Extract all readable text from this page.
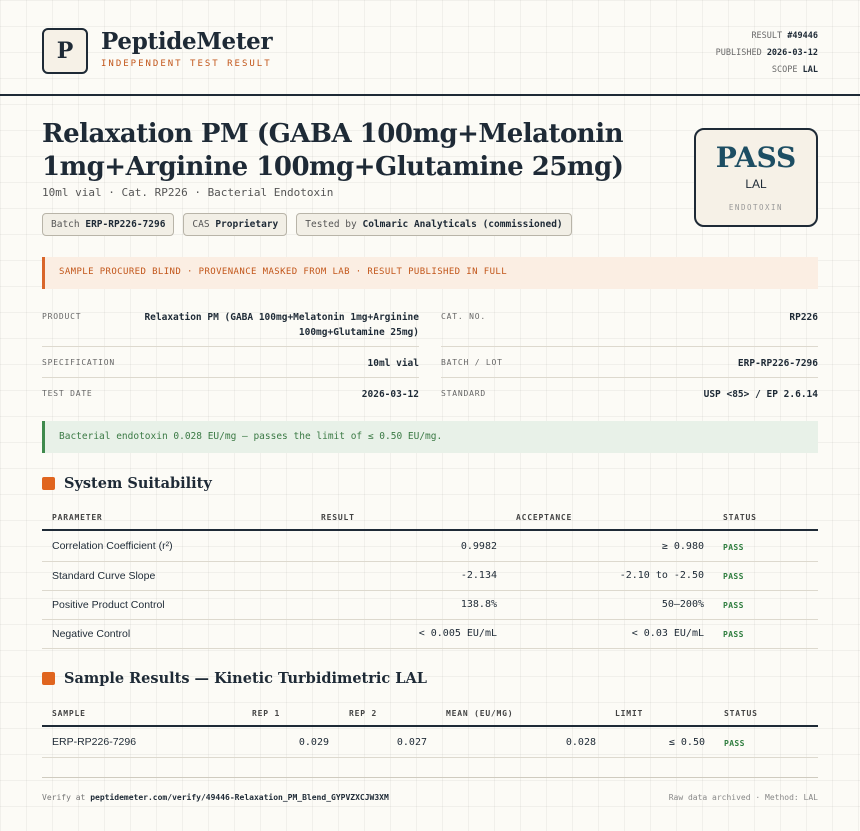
P	PeptideMeter
INDEPENDENT TEST RESULT
RESULT #49446
PUBLISHED 2026-03-12
SCOPE LAL
Relaxation PM (GABA 100mg+Melatonin
1mg+Arginine 100mg+Glutamine 25mg)
10ml vial · Cat. RP226 · Bacterial Endotoxin
Batch ERP-RP226-7296	CAS Proprietary	Tested by Colmaric Analyticals (commissioned)
PASS
LAL
ENDOTOXIN
SAMPLE PROCURED BLIND · PROVENANCE MASKED FROM LAB · RESULT PUBLISHED IN FULL
PRODUCT	Relaxation PM (GABA 100mg+Melatonin 1mg+Arginine
100mg+Glutamine 25mg)
CAT. NO.	RP226
SPECIFICATION	10ml vial	BATCH / LOT	ERP-RP226-7296
TEST DATE	2026-03-12	STANDARD	USP <85> / EP 2.6.14
Bacterial endotoxin 0.028 EU/mg — passes the limit of ≤ 0.50 EU/mg.
System Suitability
PARAMETER	RESULT	ACCEPTANCE	STATUS
Correlation Coefficient (r²)	0.9982	≥ 0.980 PASS
Standard Curve Slope	-2.134	-2.10 to -2.50 PASS
Positive Product Control	138.8%	50–200% PASS
Negative Control	< 0.005 EU/mL	< 0.03 EU/mL PASS
Sample Results — Kinetic Turbidimetric LAL
SAMPLE	REP 1	REP 2	MEAN (EU/MG)	LIMIT	STATUS
ERP-RP226-7296	0.029	0.027	0.028	≤ 0.50 PASS
Verify at peptidemeter.com/verify/49446-Relaxation_PM_Blend_GYPVZXCJW3XM	Raw data archived · Method: LAL
